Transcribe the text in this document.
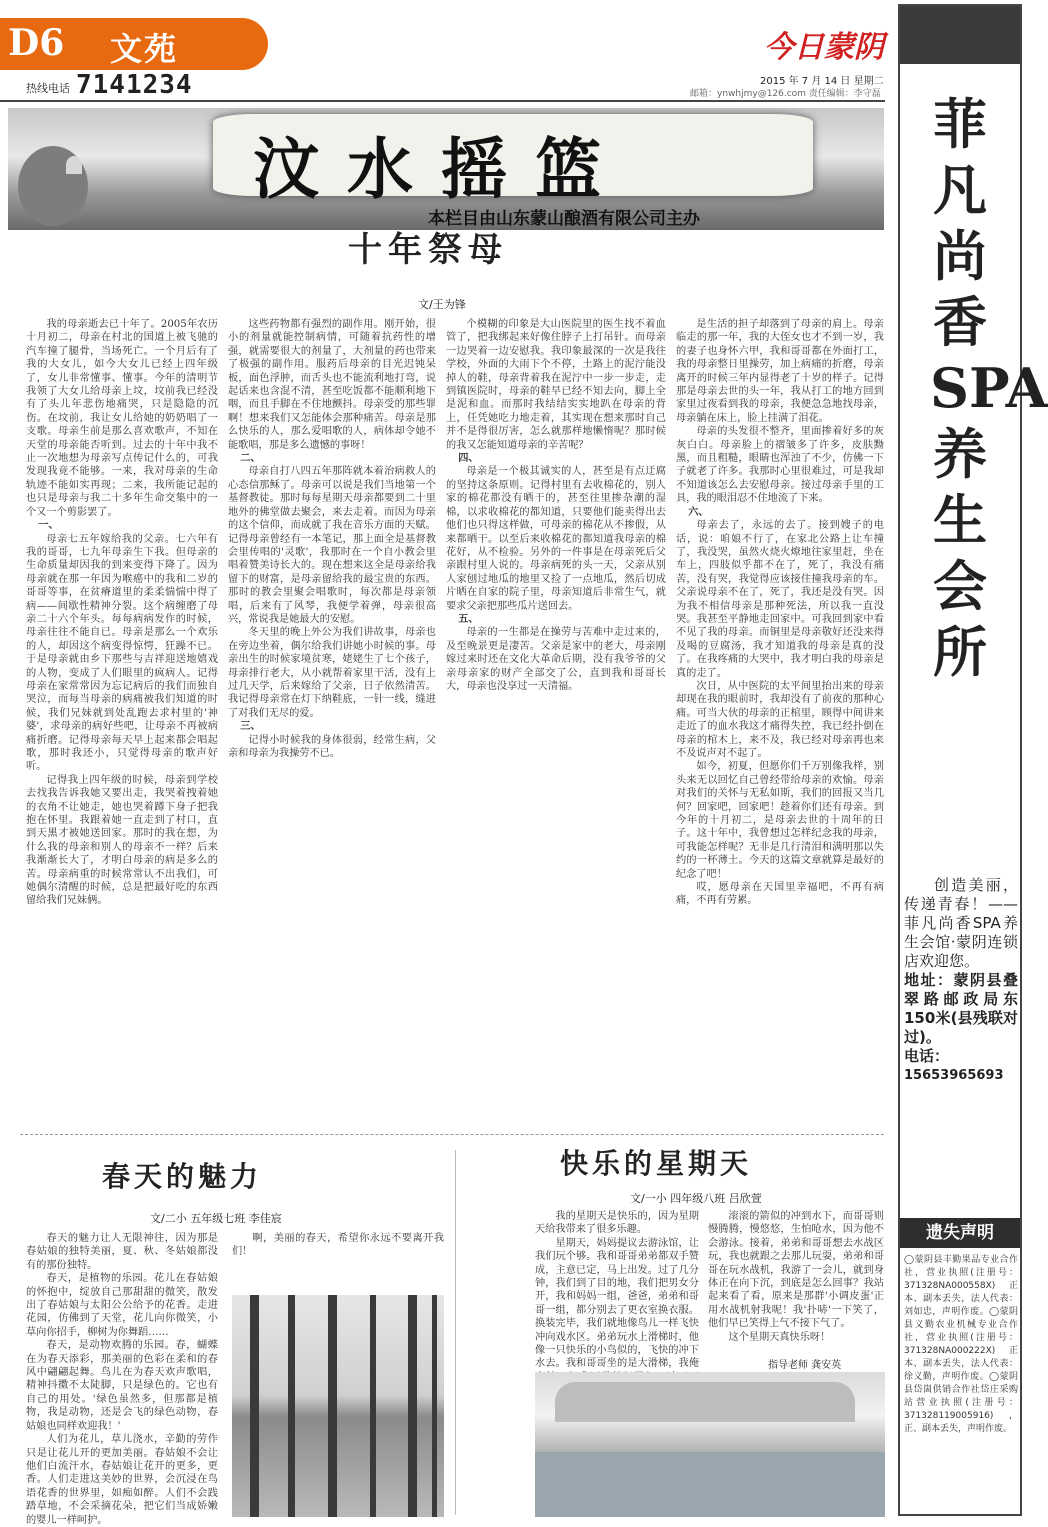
D6 文苑	今日蒙阴
热线电话 7141234	2015 年 7 月 14 日 星期二
邮箱：ynwhjmy@126.com 责任编辑：李守磊
汶水摇篮
本栏目由山东蒙山酿酒有限公司主办
十年祭母
文/王为锋

我的母亲逝去已十年了。2005年农历十月初二，母亲在村北的国道上被飞驰的汽车撞了腿骨，当场死亡。一个月后有了我的大女儿，如今大女儿已经上四年级了，女儿非常懂事、懂事。今年的清明节我领了大女儿给母亲上坟，坟前我已经没有了头儿年悲伤地痛哭，只是隐隐的沉伤。在坟前，我让女儿给她的奶奶唱了一支歌。母亲生前是那么喜欢歌声，不知在天堂的母亲能否听到。过去的十年中我不止一次地想为母亲写点传记什么的，可我发现我竟不能够。一来，我对母亲的生命轨迹不能如实再现；二来，我所能记起的也只是母亲与我二十多年生命交集中的一个又一个剪影罢了。

一、

母亲七五年嫁给我的父亲。七六年有我的哥哥，七九年母亲生下我。但母亲的生命质量却因我的到来变得下降了。因为母亲就在那一年因为喉癌中的我和二岁的哥哥等事，在贫瘠道里的柔柔惴惴中得了病——间歇性精神分裂。这个病缠磨了母亲二十六个年头。每每病病发作的时候，母亲往往不能自已。母亲是那么一个欢乐的人，却因这个病变得惊愕，狂躁不已。于是母亲就由乡下那些与吉祥迎送地嬉戏的人物，变成了人们眼里的疯病人。记得母亲在家常常因为忘记病后的我们而独自哭泣，而每当母亲的病痛被我们知道的时候，我们兄妹就到处乱跑去求村里的'神婆'，求母亲的病好些吧，让母亲不再被病痛折磨。记得母亲每天早上起来都会唱起歌，那时我还小，只觉得母亲的歌声好听。

记得我上四年级的时候，母亲到学校去找我告诉我她又要出走，我哭着拽着她的衣角不让她走，她也哭着蹲下身子把我抱在怀里。我跟着她一直走到了村口，直到天黑才被她送回家。那时的我在想，为什么我的母亲和别人的母亲不一样？后来我渐渐长大了，才明白母亲的病是多么的苦。母亲病重的时候常常认不出我们，可她偶尔清醒的时候，总是把最好吃的东西留给我们兄妹俩。

这些药物都有强烈的副作用。刚开始，很小的剂量就能控制病情，可随着抗药性的增强，就需要很大的剂量了，大剂量的药也带来了极强的副作用。服药后母亲的目光迟钝呆板，面色浮肿，而舌头也不能流利地打弯，说起话来也含混不清，甚至吃饭都不能顺利地下咽，而且手脚在不住地颤抖。母亲受的那些罪啊！想来我们又怎能体会那种痛苦。母亲是那么快乐的人，那么爱唱歌的人，病体却令她不能歌唱，那是多么遗憾的事呀！

二、

母亲自打八四五年那阵就本着治病救人的心态信那稣了。母亲可以说是我们当地第一个基督教徒。那时每每星期天母亲都要到二十里地外的佛堂做去聚会，来去走着。而因为母亲的这个信仰，而成就了我在音乐方面的天赋。记得母亲曾经有一本笔记，那上面全是基督教会里传唱的'灵歌'，我那时在一个自小教会里唱着赞美诗长大的。现在想来这全是母亲给我留下的财富，是母亲留给我的最宝贵的东西。那时的教会里聚会唱歌时，每次都是母亲领唱，后来有了风琴，我便学着弹，母亲很高兴，常说我是她最大的安慰。

冬天里的晚上外公为我们讲故事，母亲也在旁边坐着，偶尔给我们讲她小时候的事。母亲出生的时候家境贫寒，姥姥生了七个孩子，母亲排行老大，从小就帮着家里干活，没有上过几天学，后来嫁给了父亲，日子依然清苦。我记得母亲常在灯下纳鞋底，一针一线，缝进了对我们无尽的爱。

三、

记得小时候我的身体很弱，经常生病，父亲和母亲为我操劳不已。

个模糊的印象是大山医院里的医生找不着血管了，把我绑起来好像住脖子上打吊针。而母亲一边哭着一边安慰我。我印象最深的一次是我往学校，外面的大雨下个不停，土路上的泥泞能没掉人的鞋，母亲背着我在泥泞中一步一步走，走到镇医院时，母亲的鞋早已经不知去向，脚上全是泥和血。而那时我结结实实地趴在母亲的背上，任凭她吃力地走着，其实现在想来那时自己并不是得很厉害，怎么就那样地懒惰呢？那时候的我又怎能知道母亲的辛苦呢？

四、

母亲是一个极其诚实的人，甚至是有点迂腐的坚持这条原则。记得村里有去收棉花的，别人家的棉花都没有晒干的，甚至往里掺杂潮的湿棉，以求收棉花的都知道，只要他们能卖得出去他们也只得这样做，可母亲的棉花从不掺假，从来都晒干。以至后来收棉花的都知道我母亲的棉花好，从不检验。另外的一件事是在母亲死后父亲跟村里人说的。母亲病死的头一天，父亲从别人家刨过地瓜的地里又捡了一点地瓜，然后切成片晒在自家的院子里，母亲知道后非常生气，就要求父亲把那些瓜片送回去。

五、

母亲的一生都是在操劳与苦难中走过来的，及至晚景更是凄苦。父亲是家中的老大，母亲刚嫁过来时还在文化大革命后期，没有我爷爷的父亲母亲家的财产全部交了公，直到我和哥哥长大，母亲也没享过一天清福。

是生活的担子却落到了母亲的肩上。母亲临走的那一年，我的大侄女也才不到一岁，我的妻子也身怀六甲，我和哥哥都在外面打工，我的母亲整日里操劳，加上病痛的折磨，母亲离开的时候三年内显得老了十岁的样子。记得那是母亲去世的头一年，我从打工的地方回到家里过夜看到我的母亲，我便急急地找母亲，母亲躺在床上，脸上挂满了泪花。

母亲的头发很不整齐，里面掺着好多的灰灰白白。母亲脸上的褶皱多了许多，皮肤黝黑，而且粗糙，眼睛也浑浊了不少，仿佛一下子就老了许多。我那时心里很难过，可是我却不知道该怎么去安慰母亲。接过母亲手里的工具，我的眼泪忍不住地流了下来。

六、

母亲去了，永远的去了。接到嫂子的电话，说：咱娘不行了，在家北公路上让车撞了，我没哭，虽然火烧火燎地往家里赶，坐在车上，四肢似乎都不在了，死了，我没有痛苦，没有哭，我觉得应该接住撞我母亲的车。父亲说母亲不在了，死了，我还是没有哭。因为我不相信母亲是那种死法，所以我一直没哭。我甚至平静地走回家中。可我回到家中看不见了我的母亲。而铜里是母亲敬好还没来得及喝的豆腐汤，我才知道我的母亲是真的没了。在我疼痛的大哭中，我才明白我的母亲是真的走了。

次日，从中医院的太平间里抬出来的母亲却现在我的眼前时，我却没有了前夜的那种心痛。可当大伙的母亲的正棺里，顾得中间讲来走近了的血水我这才痛得失控，我已经扑倒在母亲的棺木上，来不及，我已经对母亲再也来不及说声对不起了。

如今，初夏，但愿你们千万别像我样，别头来无以回忆自己曾经带给母亲的欢愉。母亲对我们的关怀与无私如斯，我们的回报又当几何？回家吧，回家吧！趁着你们还有母亲。到今年的十月初二，是母亲去世的十周年的日子。这十年中，我曾想过怎样纪念我的母亲，可我能怎样呢？无非是几行清泪和满明那以失约的一杯薄土。今天的这篇文章就算是最好的纪念了吧！

哎，愿母亲在天国里幸福吧，不再有病痛，不再有劳累。

春天的魅力
文/二小 五年级七班 李佳宸

春天的魅力让人无限神往，因为那是春姑娘的独特美丽，夏、秋、冬姑娘都没有的那份独特。

春天，是植物的乐园。花儿在春姑娘的怀抱中，绽放自己那甜甜的微笑，散发出了春姑娘与太阳公公给予的花香。走进花园，仿佛到了天堂，花儿向你微笑，小草向你招手，柳树为你舞蹈……

春天，是动物欢腾的乐园。春，蝴蝶在为春天添彩，那美丽的色彩在柔和的春风中翩翩起舞。鸟儿在为春天欢声歌唱，精神抖擞不太陡脚，只是绿色的。它也有自己的用处。'绿色虽然多，但那都是植物，我是动物，还是会飞的绿色动物，春姑娘也同样欢迎我！'

人们为花儿，草儿浇水，辛勤的劳作只是让花儿开的更加美丽。春姑娘不会让他们白流汗水，春姑娘让花开的更多，更香。人们走进这美妙的世界，会沉浸在鸟语花香的世界里，如痴如醉。人们不会践踏草地，不会采摘花朵，把它们当成娇嫩的婴儿一样呵护。

啊，美丽的春天，希望你永远不要离开我们！

快乐的星期天
文/一小 四年级八班 吕欣萱

我的星期天是快乐的，因为星期天给我带来了很多乐趣。

星期天，妈妈提议去游泳馆，让我们玩个够。我和哥哥弟弟都双手赞成，主意已定，马上出发。过了几分钟，我们到了目的地，我们把男女分开，我和妈妈一组，爸爸，弟弟和哥哥一组，都分别去了更衣室换衣服。换装完毕，我们就地像鸟儿一样飞快冲向戏水区。弟弟玩水上滑梯时，他像一只快乐的小鸟似的，飞快的冲下水去。我和哥哥坐的是大滑梯，我俺

滚滚的箭似的冲到水下，而哥哥则慢腾腾，慢悠悠，生怕呛水，因为他不会游泳。接着，弟弟和哥哥想去水战区玩，我也就跟之去那儿玩耍，弟弟和哥哥在玩水战机，我游了一会儿，就到身体正在向下沉，到底是怎么回事？我站起来看了看，原来是那群'小调皮蛋'正用水战机射我呢！我'扑哧'一下笑了，他们早已笑得上气不接下气了。

这个星期天真快乐呀！

指导老师 龚安英
菲凡尚香SPA养生会所
创造美丽，传递青春！——菲凡尚香SPA养生会馆·蒙阴连锁店欢迎您。
地址：蒙阴县叠翠路邮政局东150米(县残联对过)。
电话：
15653965693
遗失声明
◯蒙阴县丰勤果品专业合作社，营业执照(注册号：371328NA000558X)正本、副本丢失，法人代表：刘如忠，声明作废。◯蒙阴县义勤农业机械专业合作社，营业执照(注册号：371328NA000222X)正本、副本丢失，法人代表：徐义勤，声明作废。◯蒙阴县岱崮供销合作社岱庄采购站营业执照(注册号：371328119005916)，正、副本丢失，声明作废。
